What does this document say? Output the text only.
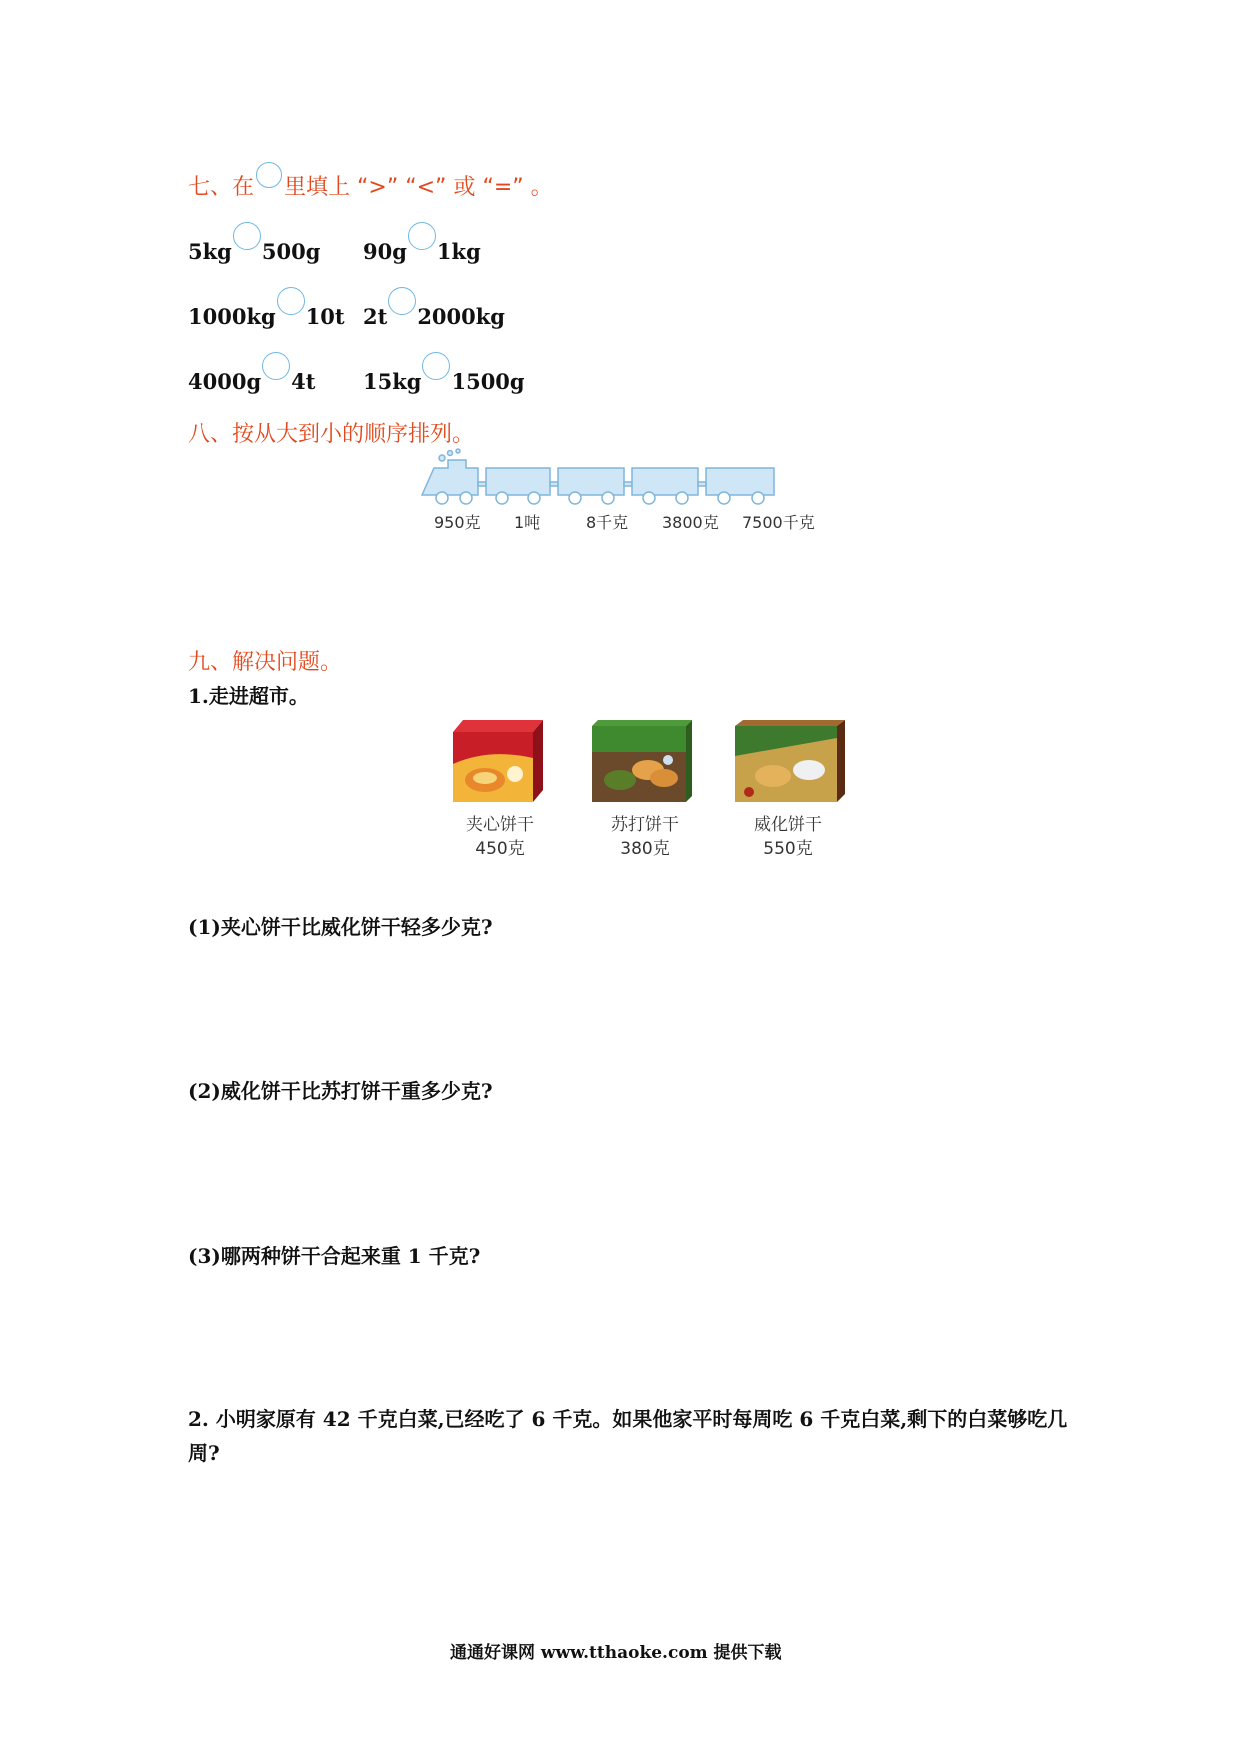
七、在 里填上 “>” “<” 或 “=” 。
5kg 500g 90g 1kg
1000kg 10t 2t 2000kg
4000g 4t 15kg 1500g
八、按从大到小的顺序排列。
950克 1吨	8千克 3800克 7500千克
九、解决问题。
1.走进超市。
夹心饼干
450克
苏打饼干
380克
威化饼干
550克
(1)夹心饼干比威化饼干轻多少克?
(2)威化饼干比苏打饼干重多少克?
(3)哪两种饼干合起来重 1 千克?
2. 小明家原有 42 千克白菜,已经吃了 6 千克。如果他家平时每周吃 6 千克白菜,剩下的白菜够吃几周?
通通好课网 www.tthaoke.com 提供下载
